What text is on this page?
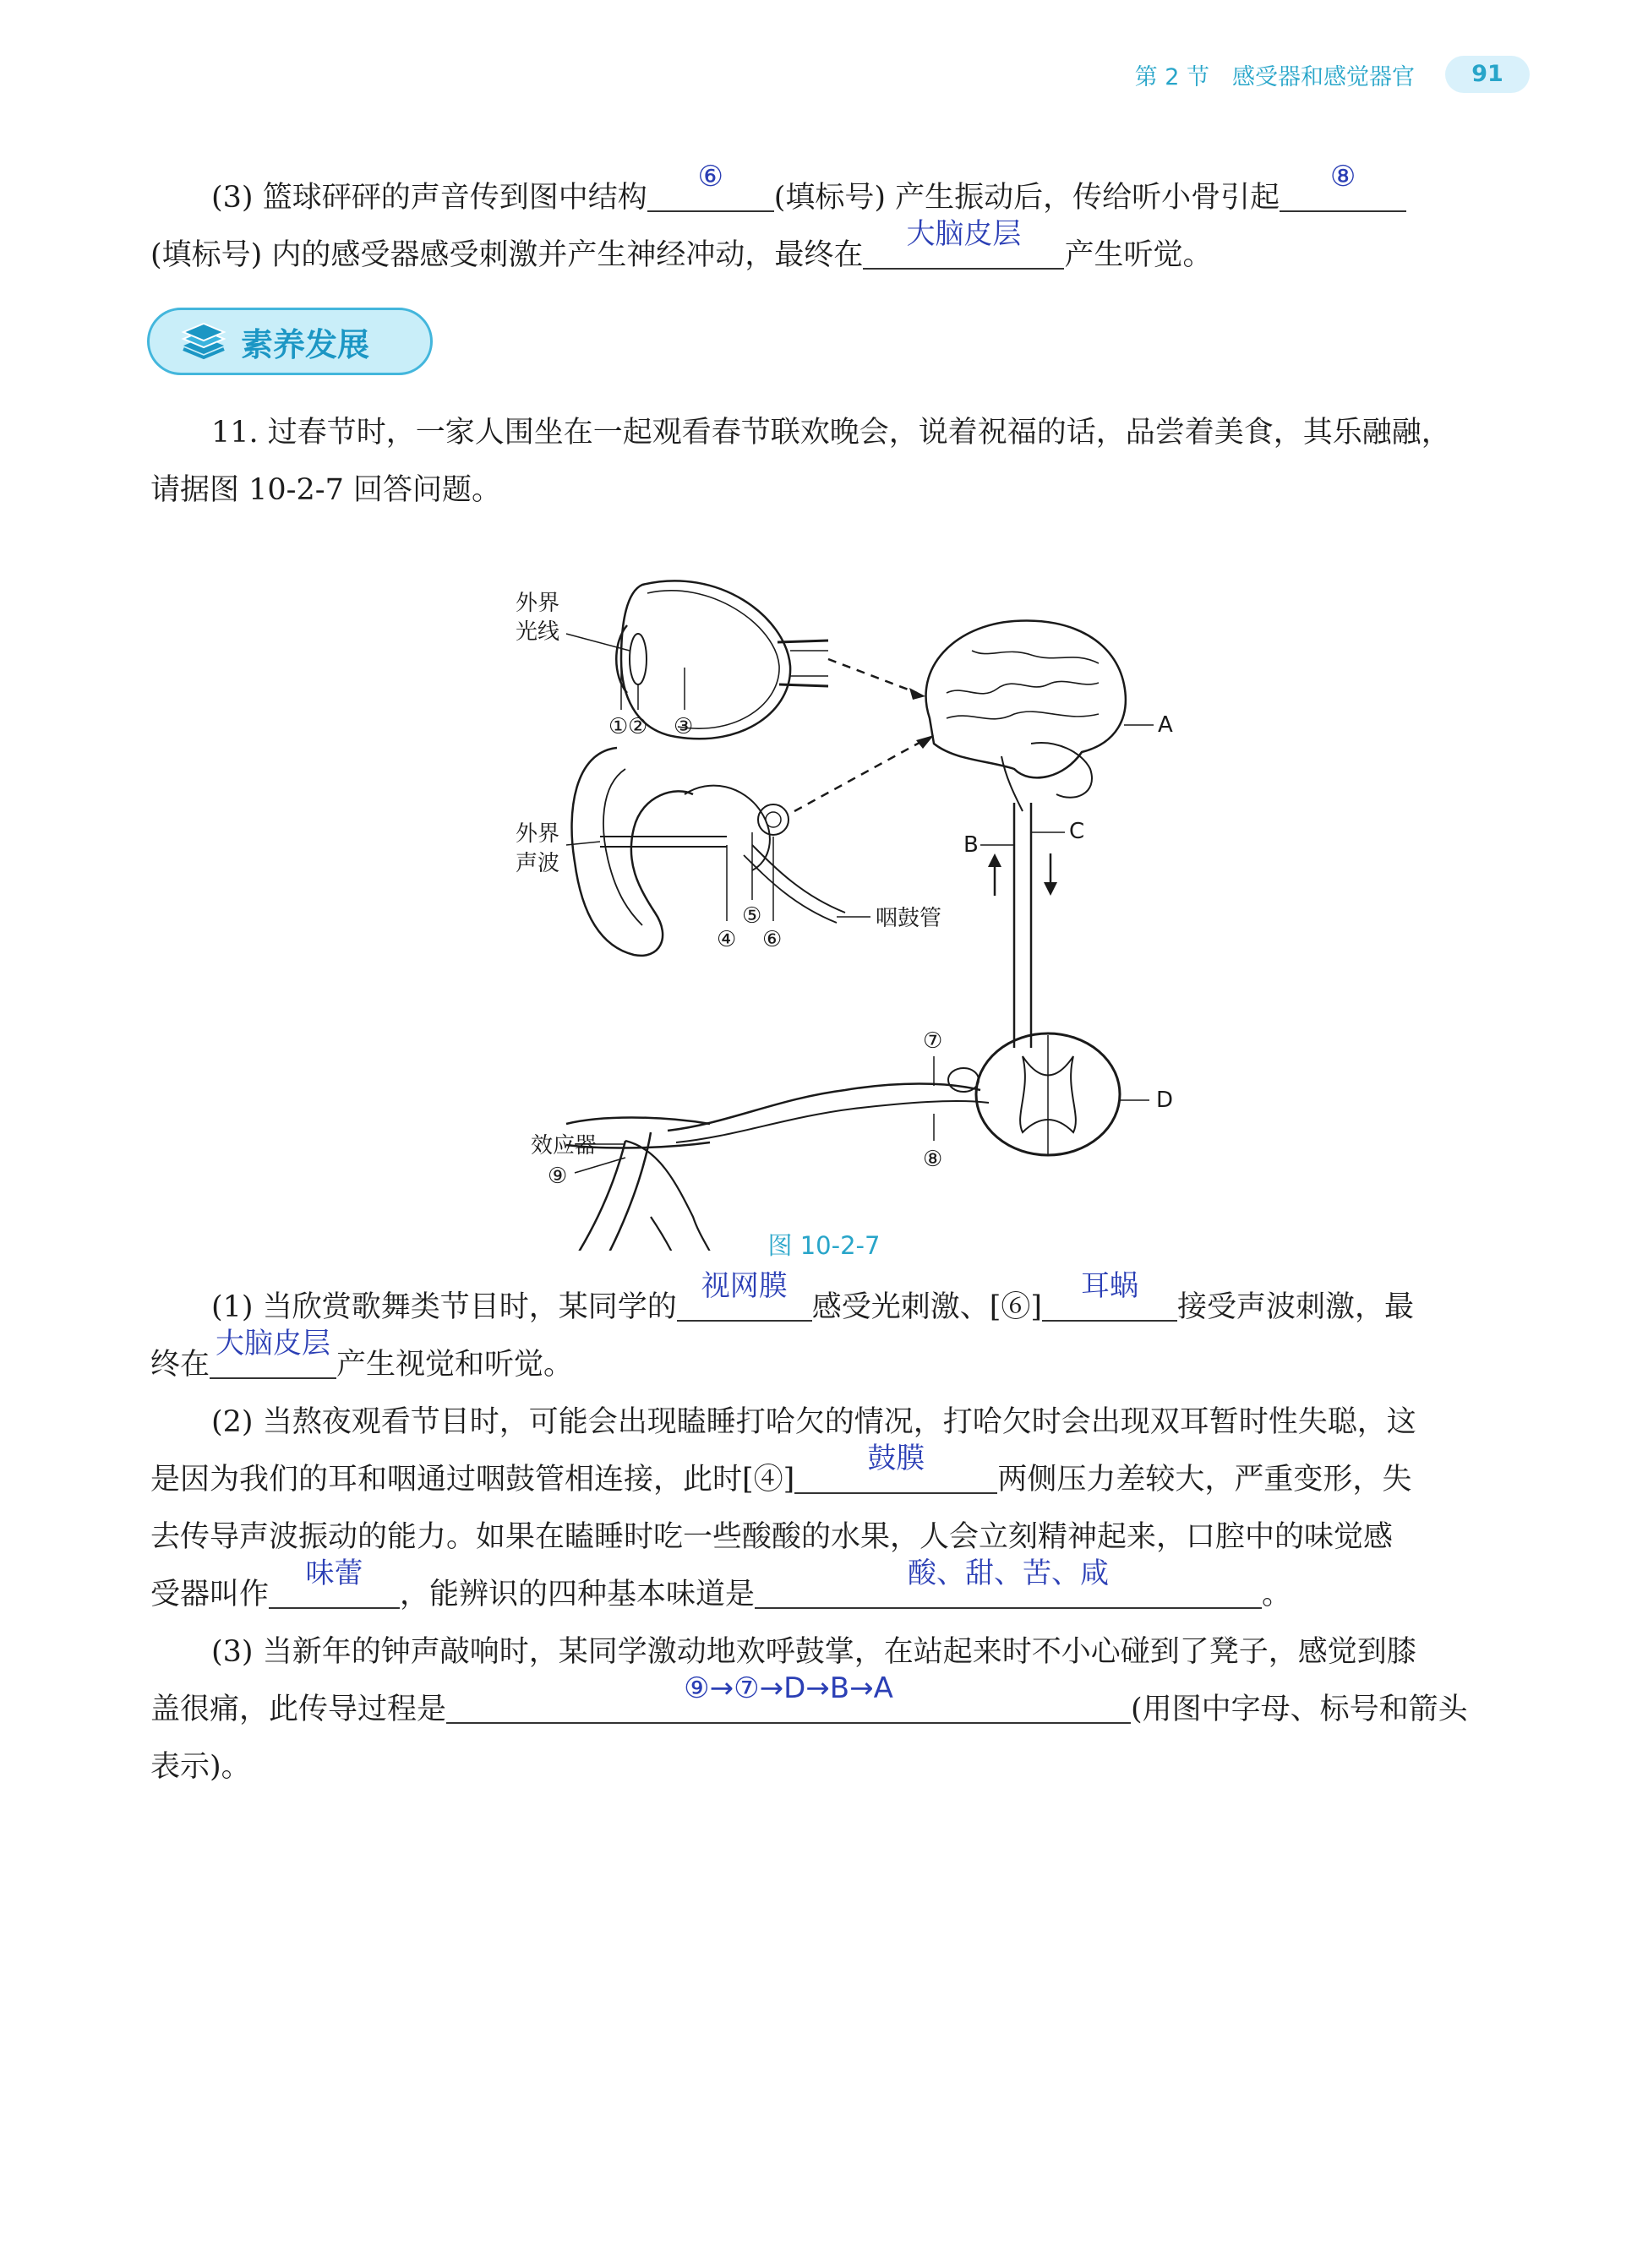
第 2 节　感受器和感觉器官	91
(3) 篮球砰砰的声音传到图中结构
⑥
(填标号) 产生振动后，传给听小骨引起
⑧
(填标号) 内的感受器感受刺激并产生神经冲动，最终在
大脑皮层
产生听觉。
素养发展
11. 过春节时，一家人围坐在一起观看春节联欢晚会，说着祝福的话，品尝着美食，其乐融融，
请据图 10-2-7 回答问题。
外界
光线
① ② ③
外界
声波
咽鼓管
⑤
④ ⑥
A
B
C
D
⑦
⑧
效应器
⑨
图 10-2-7
(1) 当欣赏歌舞类节目时，某同学的
视网膜
感受光刺激、[⑥]
耳蜗
接受声波刺激，最
终在
大脑皮层
产生视觉和听觉。
(2) 当熬夜观看节目时，可能会出现瞌睡打哈欠的情况，打哈欠时会出现双耳暂时性失聪，这
是因为我们的耳和咽通过咽鼓管相连接，此时[④]
鼓膜
两侧压力差较大，严重变形，失
去传导声波振动的能力。如果在瞌睡时吃一些酸酸的水果，人会立刻精神起来，口腔中的味觉感
受器叫作
味蕾
，能辨识的四种基本味道是
酸、甜、苦、咸
。
(3) 当新年的钟声敲响时，某同学激动地欢呼鼓掌，在站起来时不小心碰到了凳子，感觉到膝
盖很痛，此传导过程是
⑨→⑦→D→B→A
(用图中字母、标号和箭头
表示)。
